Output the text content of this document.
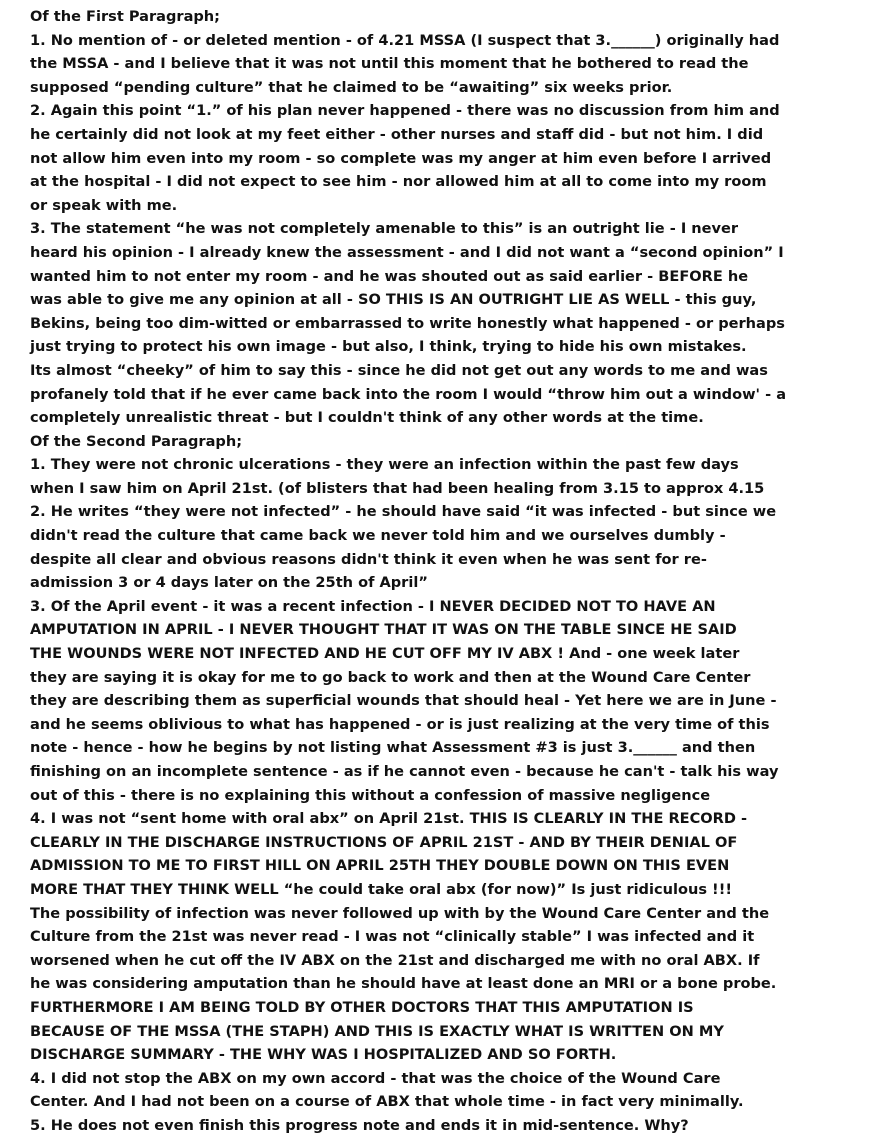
Of the First Paragraph;
1. No mention of - or deleted mention - of 4.21 MSSA (I suspect that 3.______) originally had
the MSSA - and I believe that it was not until this moment that he bothered to read the
supposed “pending culture” that he claimed to be “awaiting” six weeks prior.
2. Again this point “1.” of his plan never happened - there was no discussion from him and
he certainly did not look at my feet either - other nurses and staff did - but not him. I did
not allow him even into my room - so complete was my anger at him even before I arrived
at the hospital - I did not expect to see him - nor allowed him at all to come into my room
or speak with me.
3. The statement “he was not completely amenable to this” is an outright lie - I never
heard his opinion - I already knew the assessment - and I did not want a “second opinion” I
wanted him to not enter my room - and he was shouted out as said earlier - BEFORE he
was able to give me any opinion at all - SO THIS IS AN OUTRIGHT LIE AS WELL - this guy,
Bekins, being too dim-witted or embarrassed to write honestly what happened - or perhaps
just trying to protect his own image - but also, I think, trying to hide his own mistakes.
Its almost “cheeky” of him to say this - since he did not get out any words to me and was
profanely told that if he ever came back into the room I would “throw him out a window' - a
completely unrealistic threat - but I couldn't think of any other words at the time.
Of the Second Paragraph;
1. They were not chronic ulcerations - they were an infection within the past few days
when I saw him on April 21st. (of blisters that had been healing from 3.15 to approx 4.15
2. He writes “they were not infected” - he should have said “it was infected - but since we
didn't read the culture that came back we never told him and we ourselves dumbly -
despite all clear and obvious reasons didn't think it even when he was sent for re-
admission 3 or 4 days later on the 25th of April”
3. Of the April event - it was a recent infection - I NEVER DECIDED NOT TO HAVE AN
AMPUTATION IN APRIL - I NEVER THOUGHT THAT IT WAS ON THE TABLE SINCE HE SAID
THE WOUNDS WERE NOT INFECTED AND HE CUT OFF MY IV ABX ! And - one week later
they are saying it is okay for me to go back to work and then at the Wound Care Center
they are describing them as superficial wounds that should heal - Yet here we are in June -
and he seems oblivious to what has happened - or is just realizing at the very time of this
note - hence - how he begins by not listing what Assessment #3 is just 3.______ and then
finishing on an incomplete sentence - as if he cannot even - because he can't - talk his way
out of this - there is no explaining this without a confession of massive negligence
4. I was not “sent home with oral abx” on April 21st. THIS IS CLEARLY IN THE RECORD -
CLEARLY IN THE DISCHARGE INSTRUCTIONS OF APRIL 21ST - AND BY THEIR DENIAL OF
ADMISSION TO ME TO FIRST HILL ON APRIL 25TH THEY DOUBLE DOWN ON THIS EVEN
MORE THAT THEY THINK WELL “he could take oral abx (for now)” Is just ridiculous !!!
The possibility of infection was never followed up with by the Wound Care Center and the
Culture from the 21st was never read - I was not “clinically stable” I was infected and it
worsened when he cut off the IV ABX on the 21st and discharged me with no oral ABX. If
he was considering amputation than he should have at least done an MRI or a bone probe.
FURTHERMORE I AM BEING TOLD BY OTHER DOCTORS THAT THIS AMPUTATION IS
BECAUSE OF THE MSSA (THE STAPH) AND THIS IS EXACTLY WHAT IS WRITTEN ON MY
DISCHARGE SUMMARY - THE WHY WAS I HOSPITALIZED AND SO FORTH.
4. I did not stop the ABX on my own accord - that was the choice of the Wound Care
Center. And I had not been on a course of ABX that whole time - in fact very minimally.
5. He does not even finish this progress note and ends it in mid-sentence. Why?
